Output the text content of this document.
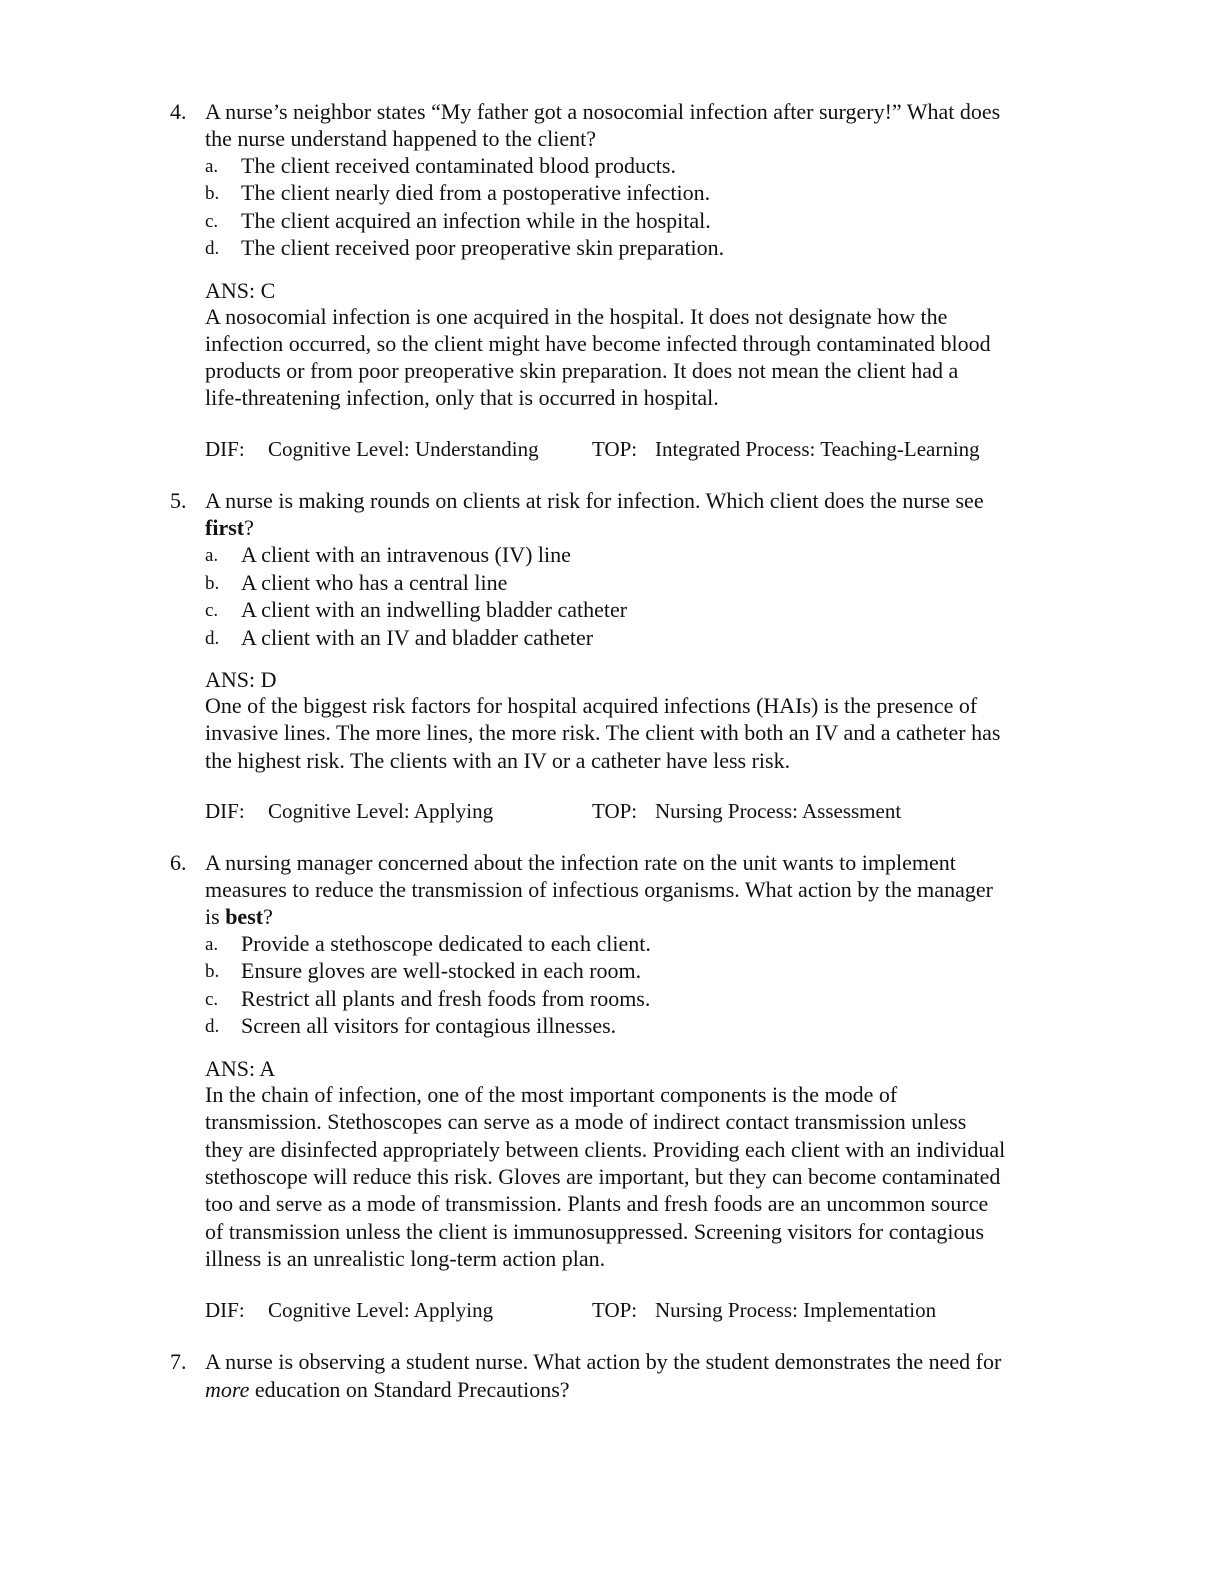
4. A nurse’s neighbor states “My father got a nosocomial infection after surgery!” What does
the nurse understand happened to the client?
a. The client received contaminated blood products.
b. The client nearly died from a postoperative infection.
c. The client acquired an infection while in the hospital.
d. The client received poor preoperative skin preparation.
ANS: C
A nosocomial infection is one acquired in the hospital. It does not designate how the
infection occurred, so the client might have become infected through contaminated blood
products or from poor preoperative skin preparation. It does not mean the client had a
life-threatening infection, only that is occurred in hospital.
DIF: Cognitive Level: Understanding	TOP: Integrated Process: Teaching-Learning
5. A nurse is making rounds on clients at risk for infection. Which client does the nurse see
first?
a. A client with an intravenous (IV) line
b. A client who has a central line
c. A client with an indwelling bladder catheter
d. A client with an IV and bladder catheter
ANS: D
One of the biggest risk factors for hospital acquired infections (HAIs) is the presence of
invasive lines. The more lines, the more risk. The client with both an IV and a catheter has
the highest risk. The clients with an IV or a catheter have less risk.
DIF: Cognitive Level: Applying	TOP: Nursing Process: Assessment
6. A nursing manager concerned about the infection rate on the unit wants to implement
measures to reduce the transmission of infectious organisms. What action by the manager
is best?
a. Provide a stethoscope dedicated to each client.
b. Ensure gloves are well-stocked in each room.
c. Restrict all plants and fresh foods from rooms.
d. Screen all visitors for contagious illnesses.
ANS: A
In the chain of infection, one of the most important components is the mode of
transmission. Stethoscopes can serve as a mode of indirect contact transmission unless
they are disinfected appropriately between clients. Providing each client with an individual
stethoscope will reduce this risk. Gloves are important, but they can become contaminated
too and serve as a mode of transmission. Plants and fresh foods are an uncommon source
of transmission unless the client is immunosuppressed. Screening visitors for contagious
illness is an unrealistic long-term action plan.
DIF: Cognitive Level: Applying	TOP: Nursing Process: Implementation
7. A nurse is observing a student nurse. What action by the student demonstrates the need for
more education on Standard Precautions?
